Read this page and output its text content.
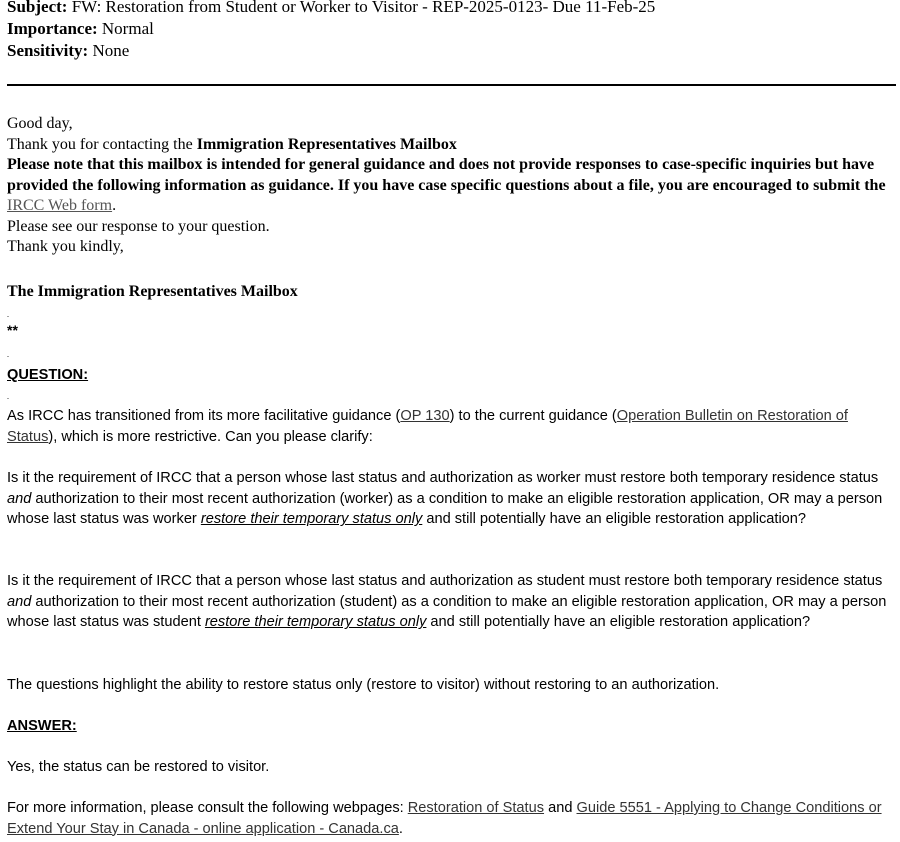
Subject: FW: Restoration from Student or Worker to Visitor - REP-2025-0123- Due 11-Feb-25
Importance: Normal
Sensitivity: None
Good day,
Thank you for contacting the Immigration Representatives Mailbox
Please note that this mailbox is intended for general guidance and does not provide responses to case-specific inquiries but have provided the following information as guidance. If you have case specific questions about a file, you are encouraged to submit the IRCC Web form.
Please see our response to your question.
Thank you kindly,
The Immigration Representatives Mailbox
-
**
-
QUESTION:
-
As IRCC has transitioned from its more facilitative guidance (OP 130) to the current guidance (Operation Bulletin on Restoration of Status), which is more restrictive. Can you please clarify:
Is it the requirement of IRCC that a person whose last status and authorization as worker must restore both temporary residence status and authorization to their most recent authorization (worker) as a condition to make an eligible restoration application, OR may a person whose last status was worker restore their temporary status only and still potentially have an eligible restoration application?
Is it the requirement of IRCC that a person whose last status and authorization as student must restore both temporary residence status and authorization to their most recent authorization (student) as a condition to make an eligible restoration application, OR may a person whose last status was student restore their temporary status only and still potentially have an eligible restoration application?
The questions highlight the ability to restore status only (restore to visitor) without restoring to an authorization.
ANSWER:
Yes, the status can be restored to visitor.
For more information, please consult the following webpages: Restoration of Status and Guide 5551 - Applying to Change Conditions or Extend Your Stay in Canada - online application - Canada.ca.
